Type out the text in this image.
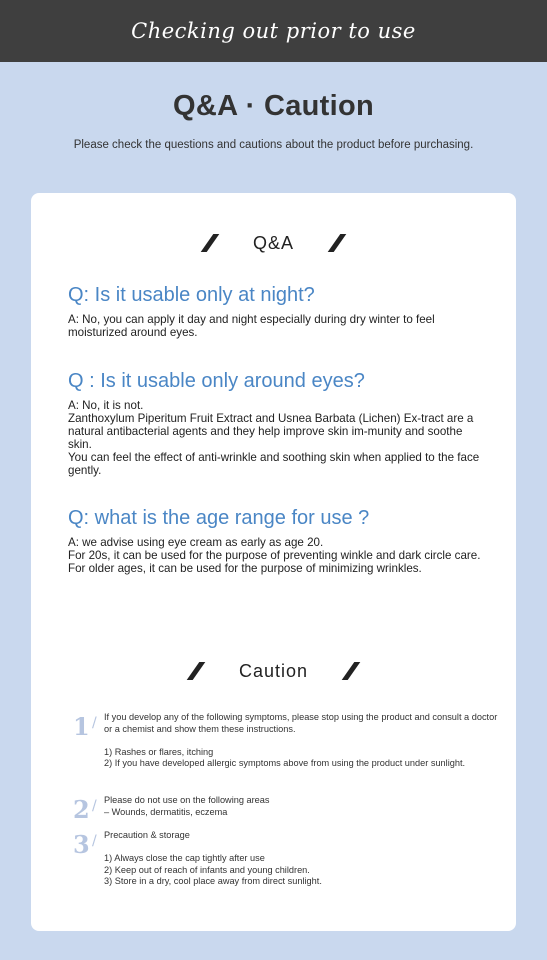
Checking out prior to use
Q&A · Caution
Please check the questions and cautions about the product before purchasing.
Q&A

Q: Is it usable only at night?

A: No, you can apply it day and night especially during dry winter to feel moisturized around eyes.

Q : Is it usable only around eyes?

A: No, it is not.
Zanthoxylum Piperitum Fruit Extract and Usnea Barbata (Lichen) Ex-tract are a natural antibacterial agents and they help improve skin im-munity and soothe skin.
You can feel the effect of anti-wrinkle and soothing skin when applied to the face gently.

Q: what is the age range for use ?

A: we advise using eye cream as early as age 20.
For 20s, it can be used for the purpose of preventing winkle and dark circle care.
For older ages, it can be used for the purpose of minimizing wrinkles.

Caution
1 / If you develop any of the following symptoms, please stop using the product and consult a doctor or a chemist and show them these instructions.

1) Rashes or flares, itching
2) If you have developed allergic symptoms above from using the product under sunlight.
2 / Please do not use on the following areas
– Wounds, dermatitis, eczema
3 / Precaution & storage

1) Always close the cap tightly after use
2) Keep out of reach of infants and young children.
3) Store in a dry, cool place away from direct sunlight.
